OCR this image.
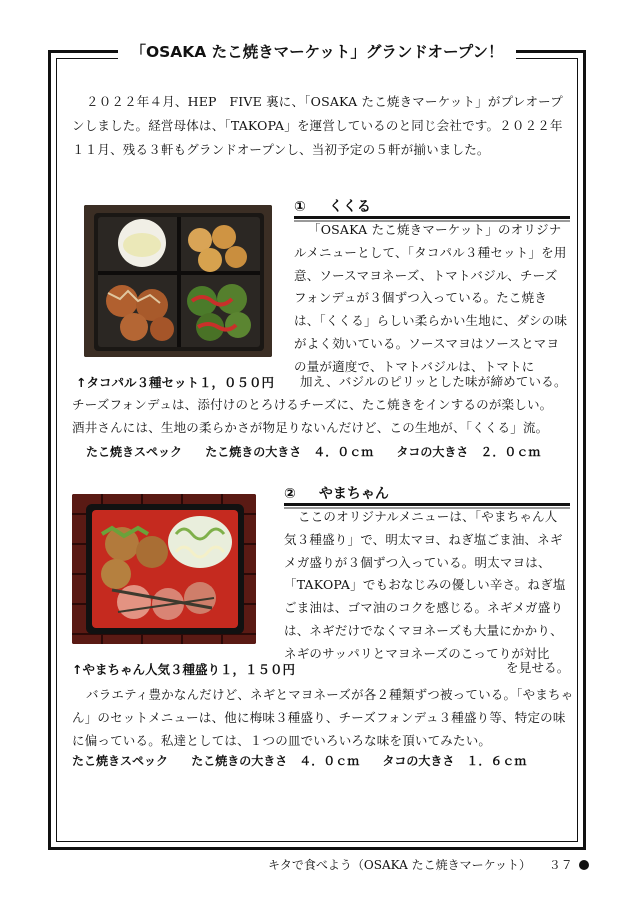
「OSAKA たこ焼きマーケット」グランドオープン！
２０２２年４月、HEP　FIVE 裏に、「OSAKA たこ焼きマーケット」がプレオープンしました。経営母体は、「TAKOPA」を運営しているのと同じ会社です。２０２２年１１月、残る３軒もグランドオープンし、当初予定の５軒が揃いました。
① くくる
「OSAKA たこ焼きマーケット」のオリジナルメニューとして、「タコパル３種セット」を用意、ソースマヨネーズ、トマトバジル、チーズフォンデュが３個ずつ入っている。たこ焼きは、「くくる」らしい柔らかい生地に、ダシの味がよく効いている。ソースマヨはソースとマヨの量が適度で、トマトバジルは、トマトに
↑タコパル３種セット１，０５０円 加え、バジルのピリッとした味が締めている。
チーズフォンデュは、添付けのとろけるチーズに、たこ焼きをインするのが楽しい。
酒井さんには、生地の柔らかさが物足りないんだけど、この生地が、「くくる」流。
たこ焼きスペック たこ焼きの大きさ　４．０ｃｍ タコの大きさ　２．０ｃｍ
② やまちゃん
ここのオリジナルメニューは、「やまちゃん人気３種盛り」で、明太マヨ、ねぎ塩ごま油、ネギメガ盛りが３個ずつ入っている。明太マヨは、「TAKOPA」でもおなじみの優しい辛さ。ねぎ塩ごま油は、ゴマ油のコクを感じる。ネギメガ盛りは、ネギだけでなくマヨネーズも大量にかかり、ネギのサッパリとマヨネーズのこってりが対比
↑やまちゃん人気３種盛り１，１５０円	を見せる。
バラエティ豊かなんだけど、ネギとマヨネーズが各２種類ずつ被っている。「やまちゃん」のセットメニューは、他に梅味３種盛り、チーズフォンデュ３種盛り等、特定の味に偏っている。私達としては、１つの皿でいろいろな味を頂いてみたい。
たこ焼きスペック たこ焼きの大きさ　４．０ｃｍ タコの大きさ　１．６ｃｍ
キタで食べよう（OSAKA たこ焼きマーケット） ３７
